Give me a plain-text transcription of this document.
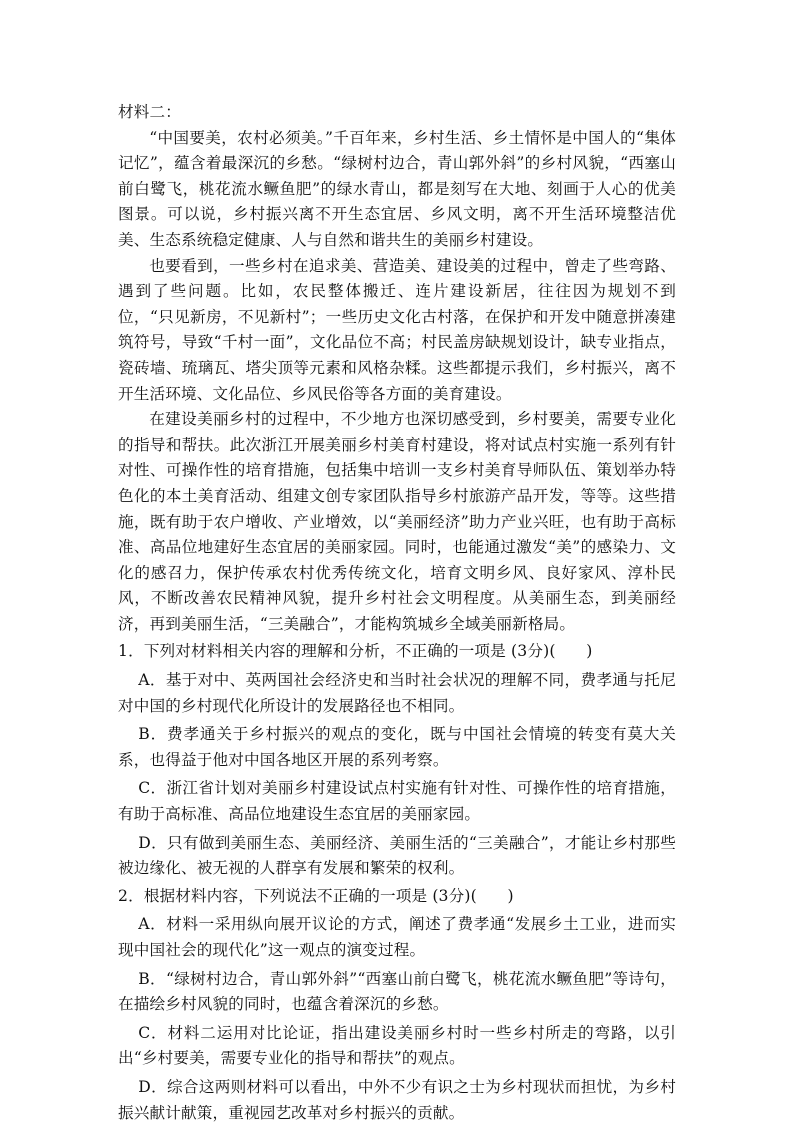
材料二：

“中国要美，农村必须美。”千百年来，乡村生活、乡土情怀是中国人的“集体记忆”，蕴含着最深沉的乡愁。“绿树村边合，青山郭外斜”的乡村风貌，“西塞山前白鹭飞，桃花流水鳜鱼肥”的绿水青山，都是刻写在大地、刻画于人心的优美图景。可以说，乡村振兴离不开生态宜居、乡风文明，离不开生活环境整洁优美、生态系统稳定健康、人与自然和谐共生的美丽乡村建设。

也要看到，一些乡村在追求美、营造美、建设美的过程中，曾走了些弯路、遇到了些问题。比如，农民整体搬迁、连片建设新居，往往因为规划不到位，“只见新房，不见新村”；一些历史文化古村落，在保护和开发中随意拼凑建筑符号，导致“千村一面”，文化品位不高；村民盖房缺规划设计，缺专业指点，瓷砖墙、琉璃瓦、塔尖顶等元素和风格杂糅。这些都提示我们，乡村振兴，离不开生活环境、文化品位、乡风民俗等各方面的美育建设。

在建设美丽乡村的过程中，不少地方也深切感受到，乡村要美，需要专业化的指导和帮扶。此次浙江开展美丽乡村美育村建设，将对试点村实施一系列有针对性、可操作性的培育措施，包括集中培训一支乡村美育导师队伍、策划举办特色化的本土美育活动、组建文创专家团队指导乡村旅游产品开发，等等。这些措施，既有助于农户增收、产业增效，以“美丽经济”助力产业兴旺，也有助于高标准、高品位地建好生态宜居的美丽家园。同时，也能通过激发“美”的感染力、文化的感召力，保护传承农村优秀传统文化，培育文明乡风、良好家风、淳朴民风，不断改善农民精神风貌，提升乡村社会文明程度。从美丽生态，到美丽经济，再到美丽生活，“三美融合”，才能构筑城乡全域美丽新格局。

1．下列对材料相关内容的理解和分析，不正确的一项是 (3分)(      )

A．基于对中、英两国社会经济史和当时社会状况的理解不同，费孝通与托尼对中国的乡村现代化所设计的发展路径也不相同。

B．费孝通关于乡村振兴的观点的变化，既与中国社会情境的转变有莫大关系，也得益于他对中国各地区开展的系列考察。

C．浙江省计划对美丽乡村建设试点村实施有针对性、可操作性的培育措施，有助于高标准、高品位地建设生态宜居的美丽家园。

D．只有做到美丽生态、美丽经济、美丽生活的“三美融合”，才能让乡村那些被边缘化、被无视的人群享有发展和繁荣的权利。

2．根据材料内容，下列说法不正确的一项是 (3分)(      )

A．材料一采用纵向展开议论的方式，阐述了费孝通“发展乡土工业，进而实现中国社会的现代化”这一观点的演变过程。

B．“绿树村边合，青山郭外斜”“西塞山前白鹭飞，桃花流水鳜鱼肥”等诗句，在描绘乡村风貌的同时，也蕴含着深沉的乡愁。

C．材料二运用对比论证，指出建设美丽乡村时一些乡村所走的弯路，以引出“乡村要美，需要专业化的指导和帮扶”的观点。

D．综合这两则材料可以看出，中外不少有识之士为乡村现状而担忧，为乡村振兴献计献策，重视园艺改革对乡村振兴的贡献。
